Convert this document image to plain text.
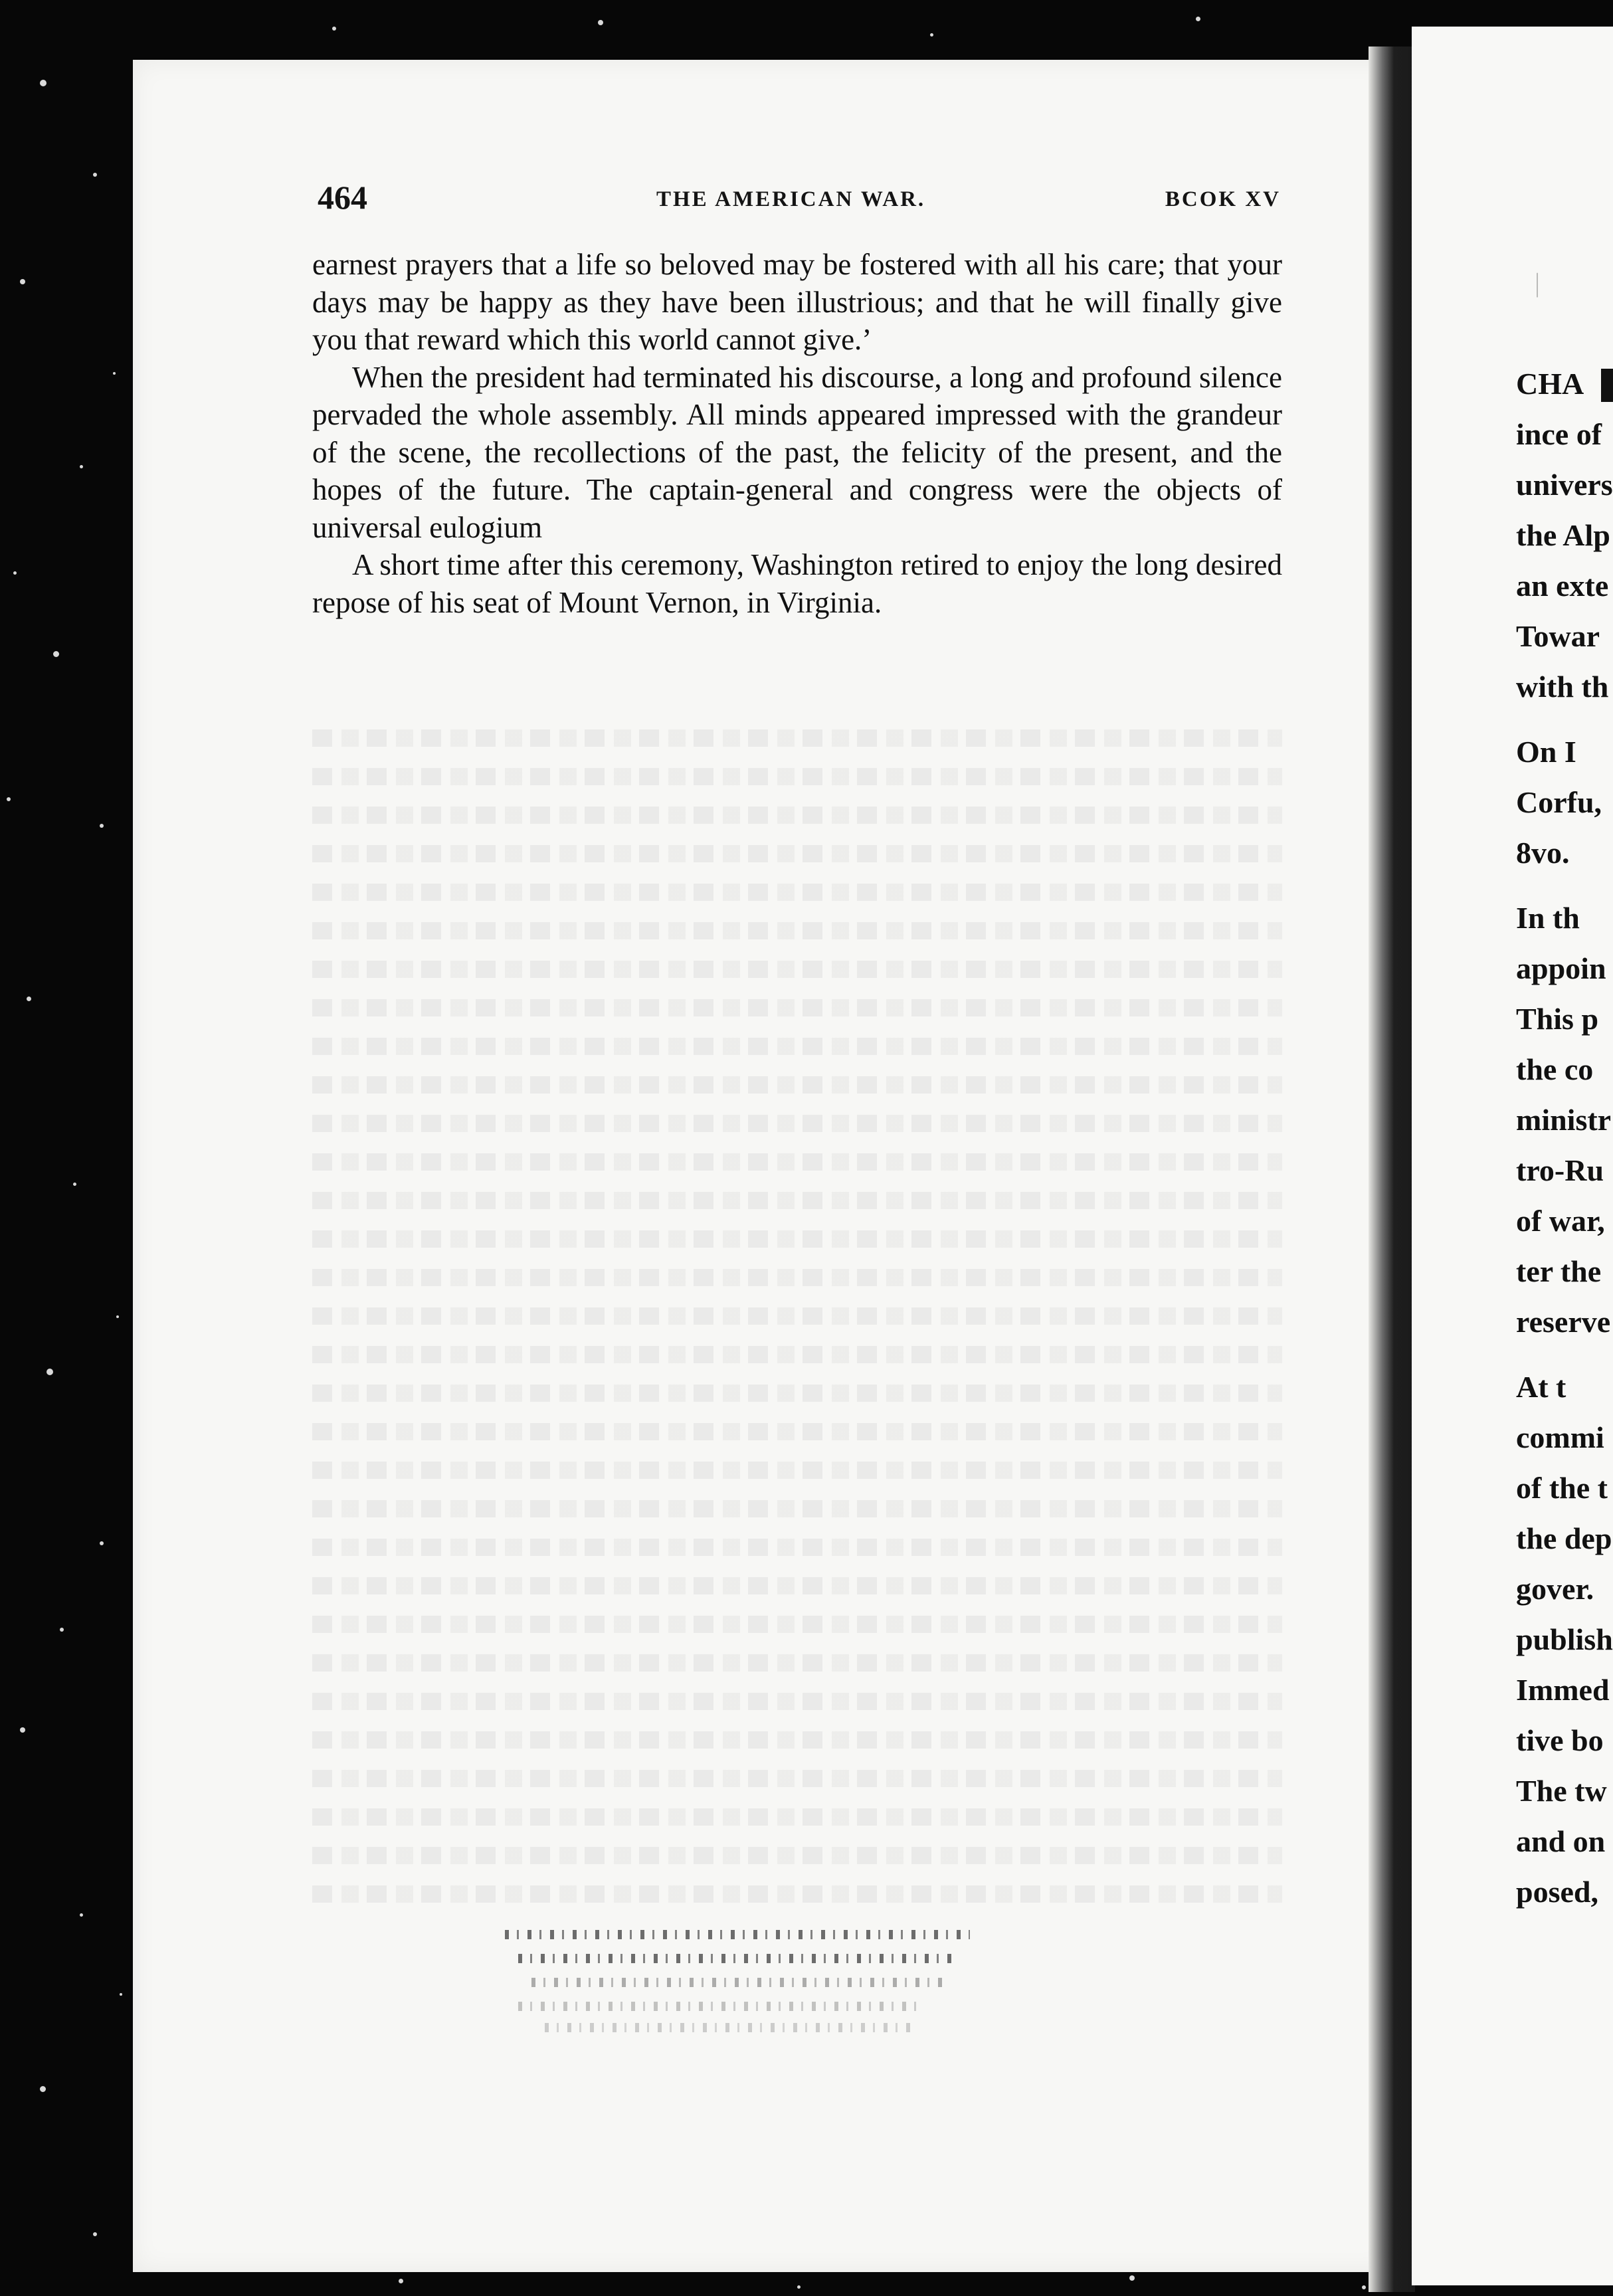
464	THE AMERICAN WAR.	BCOK XV

earnest prayers that a life so beloved may be fostered with all his care; that your days may be happy as they have been illustrious; and that he will finally give you that reward which this world cannot give.’

When the president had terminated his discourse, a long and profound silence pervaded the whole assembly. All minds appeared impressed with the grandeur of the scene, the recollections of the past, the felicity of the present, and the hopes of the future. The captain-general and congress were the objects of universal eulogium

A short time after this ceremony, Washington retired to enjoy the long desired repose of his seat of Mount Vernon, in Virginia.

|
CHA
ince of
univers
the Alp
an exte
Towar
with th
On I
Corfu,
8vo.
In th
appoin
This p
the co
ministr
tro-Ru
of war,
ter the
reserve
At t
commi
of the t
the dep
gover.
publish
Immed
tive bo
The tw
and on
posed,
